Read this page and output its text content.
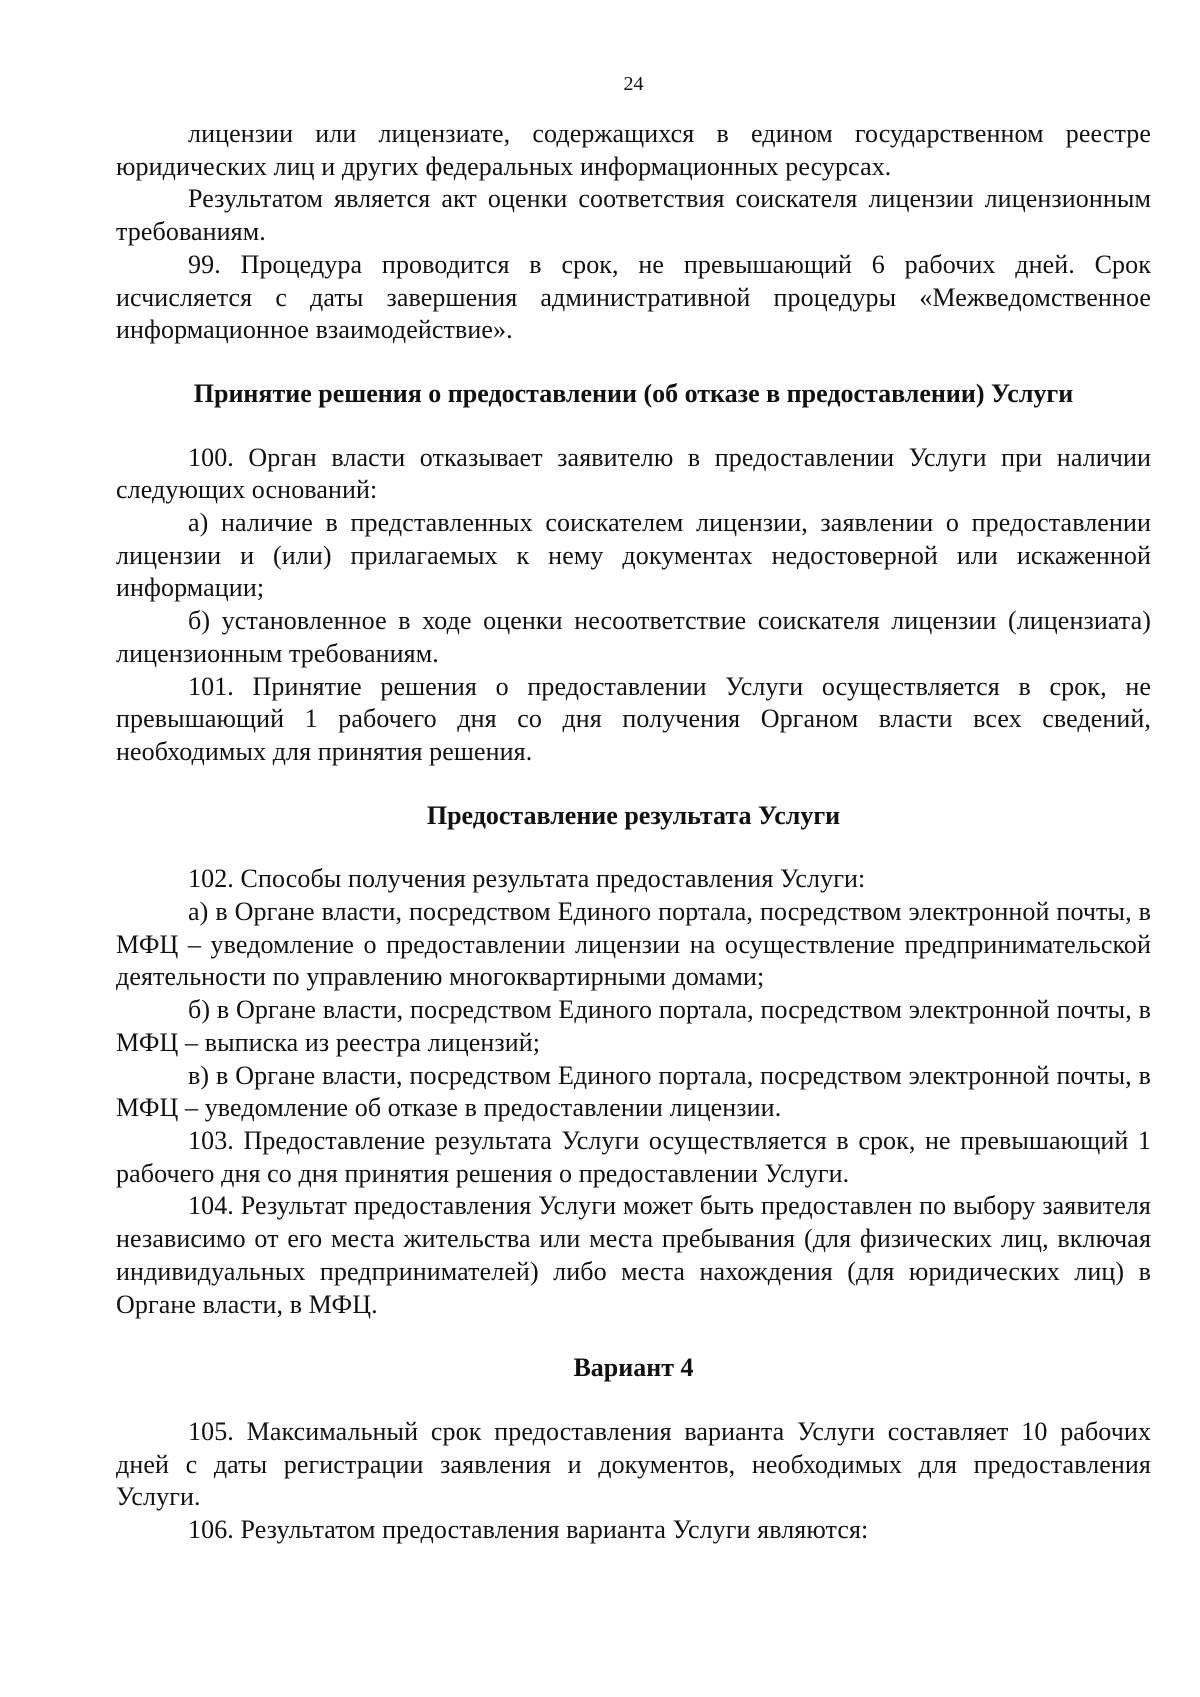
24

лицензии или лицензиате, содержащихся в едином государственном реестре юридических лиц и других федеральных информационных ресурсах.

Результатом является акт оценки соответствия соискателя лицензии лицензионным требованиям.

99. Процедура проводится в срок, не превышающий 6 рабочих дней. Срок исчисляется с даты завершения административной процедуры «Межведомственное информационное взаимодействие».

Принятие решения о предоставлении (об отказе в предоставлении) Услуги

100. Орган власти отказывает заявителю в предоставлении Услуги при наличии следующих оснований:

а) наличие в представленных соискателем лицензии, заявлении о предоставлении лицензии и (или) прилагаемых к нему документах недостоверной или искаженной информации;

б) установленное в ходе оценки несоответствие соискателя лицензии (лицензиата) лицензионным требованиям.

101. Принятие решения о предоставлении Услуги осуществляется в срок, не превышающий 1 рабочего дня со дня получения Органом власти всех сведений, необходимых для принятия решения.

Предоставление результата Услуги

102. Способы получения результата предоставления Услуги:

а) в Органе власти, посредством Единого портала, посредством электронной почты, в МФЦ – уведомление о предоставлении лицензии на осуществление предпринимательской деятельности по управлению многоквартирными домами;

б) в Органе власти, посредством Единого портала, посредством электронной почты, в МФЦ – выписка из реестра лицензий;

в) в Органе власти, посредством Единого портала, посредством электронной почты, в МФЦ – уведомление об отказе в предоставлении лицензии.

103. Предоставление результата Услуги осуществляется в срок, не превышающий 1 рабочего дня со дня принятия решения о предоставлении Услуги.

104. Результат предоставления Услуги может быть предоставлен по выбору заявителя независимо от его места жительства или места пребывания (для физических лиц, включая индивидуальных предпринимателей) либо места нахождения (для юридических лиц) в Органе власти, в МФЦ.

Вариант 4

105. Максимальный срок предоставления варианта Услуги составляет 10 рабочих дней с даты регистрации заявления и документов, необходимых для предоставления Услуги.

106. Результатом предоставления варианта Услуги являются:
